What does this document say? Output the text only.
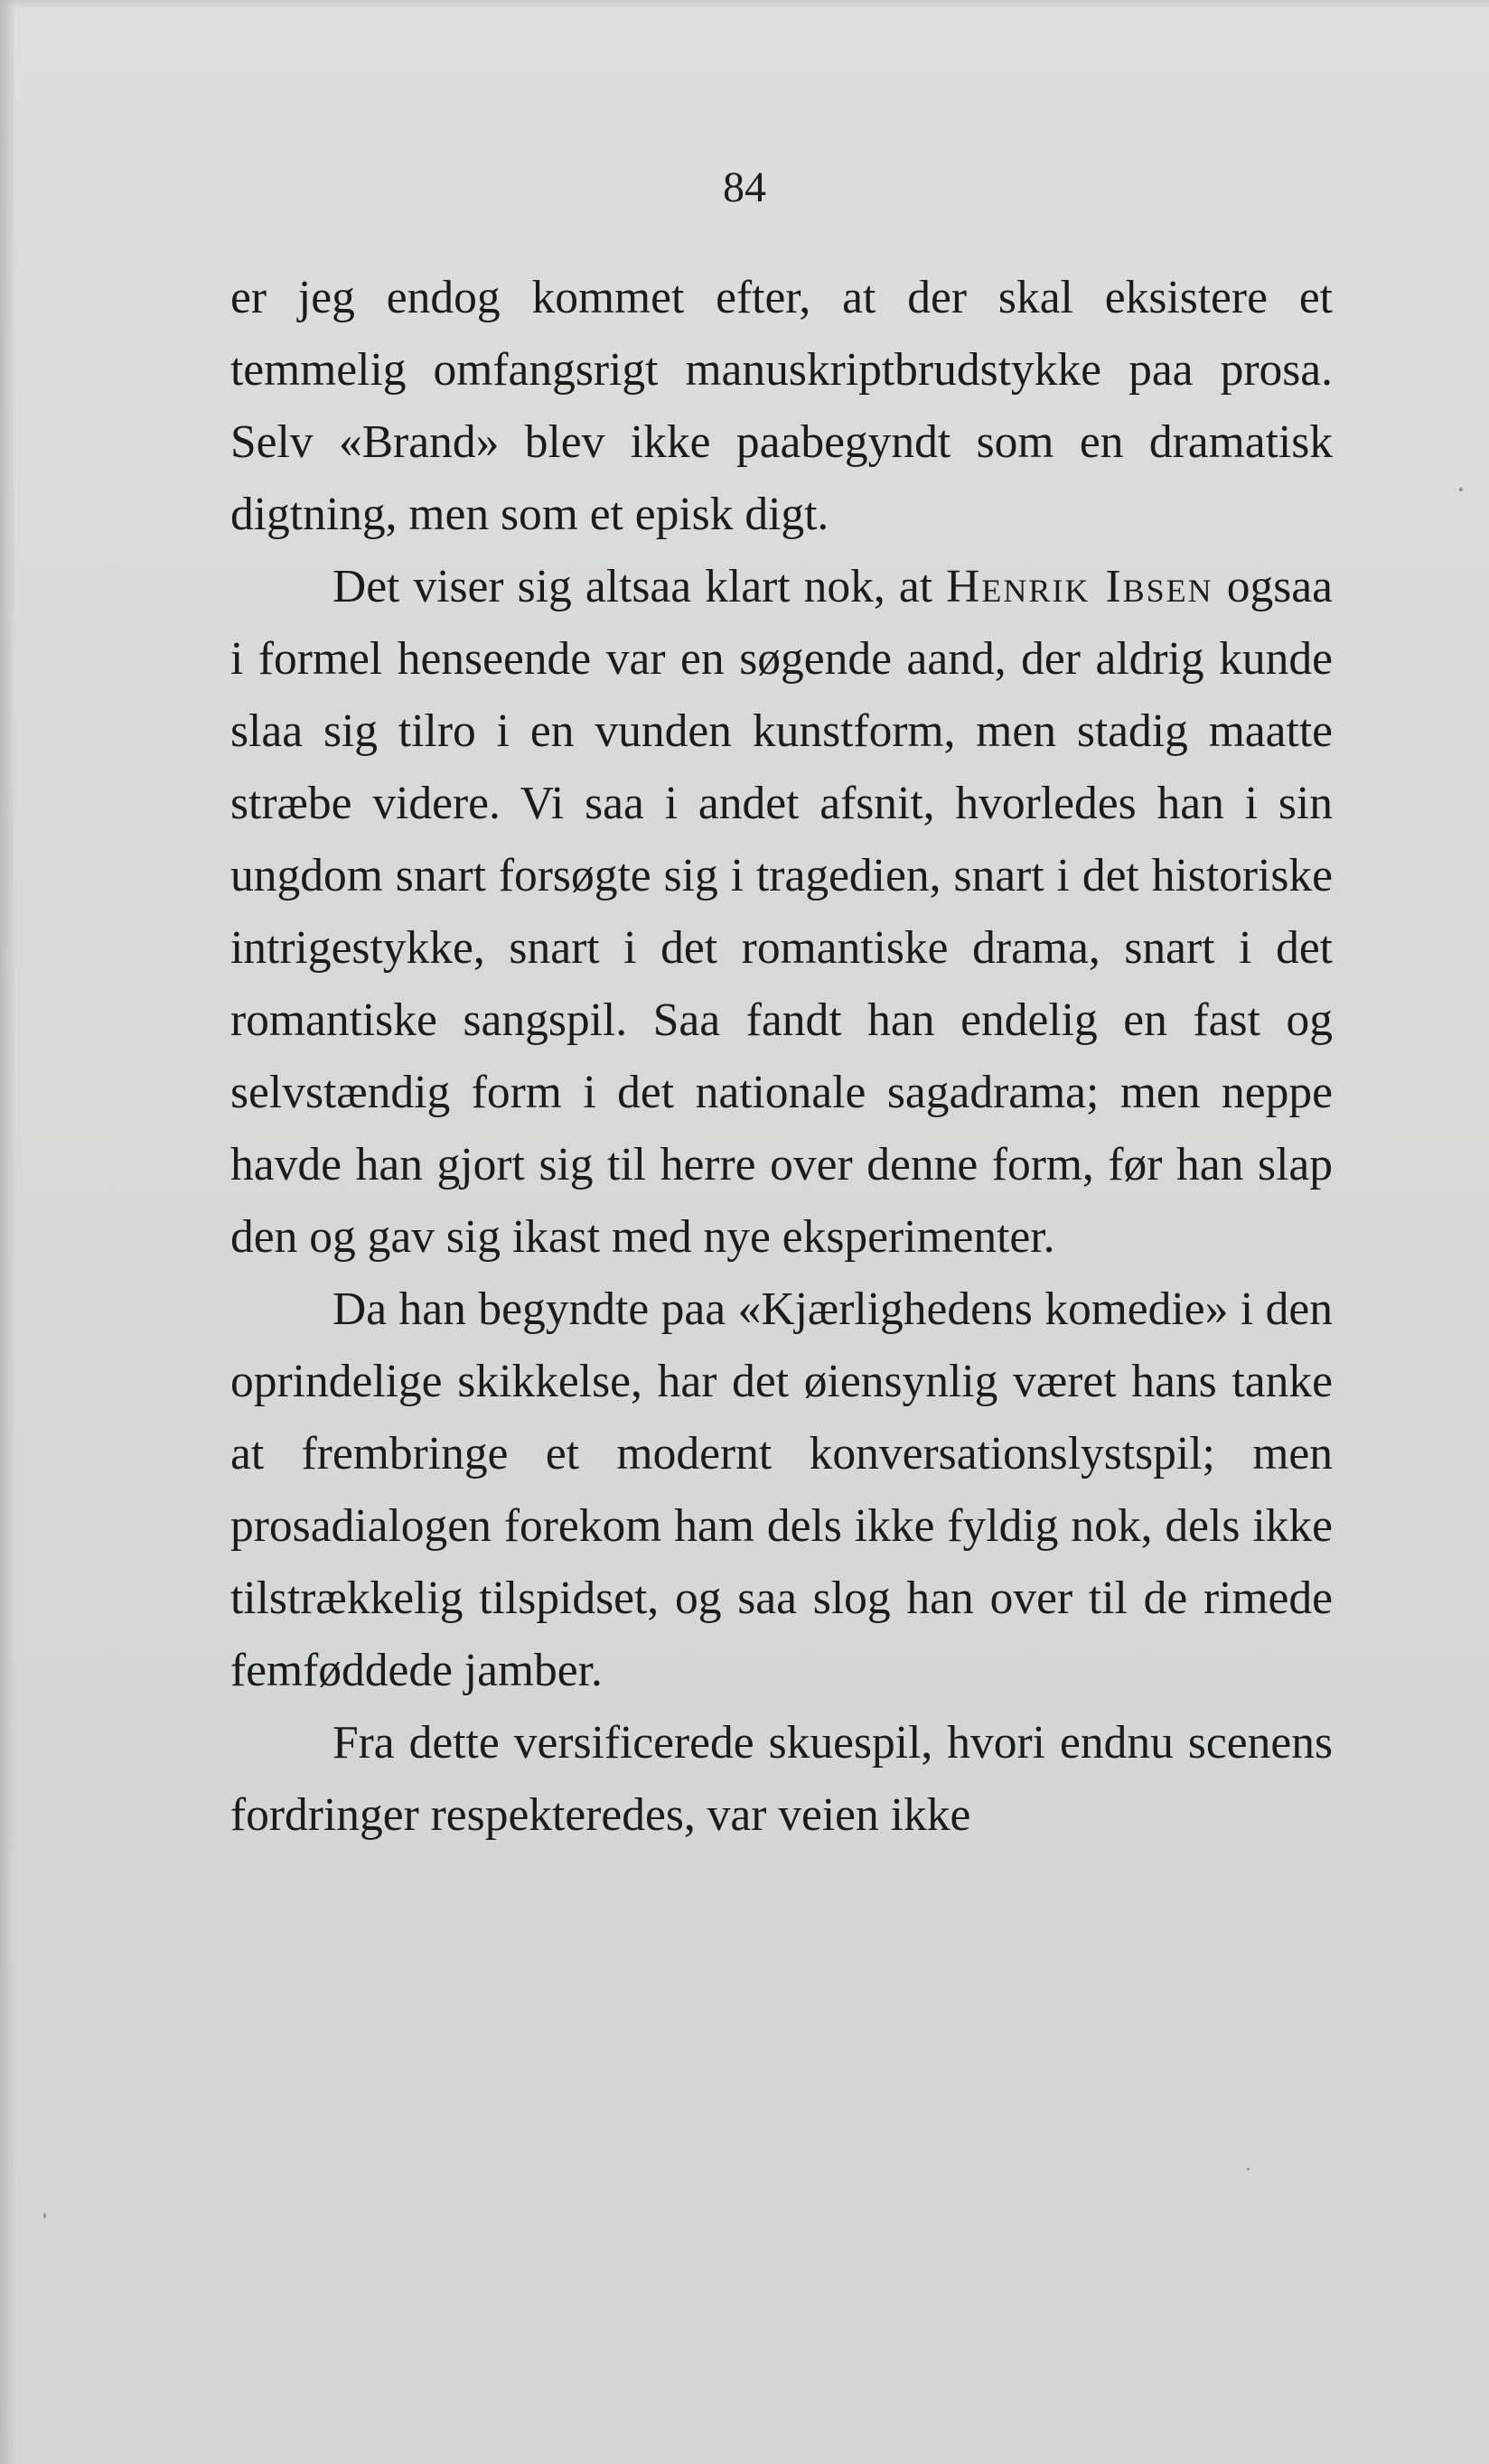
84

er jeg endog kommet efter, at der skal eksistere et temmelig omfangsrigt manuskriptbrudstykke paa prosa. Selv «Brand» blev ikke paabegyndt som en dramatisk digtning, men som et episk digt.

Det viser sig altsaa klart nok, at Henrik Ibsen ogsaa i formel henseende var en søgende aand, der aldrig kunde slaa sig tilro i en vunden kunstform, men stadig maatte stræbe videre. Vi saa i andet afsnit, hvorledes han i sin ungdom snart forsøgte sig i tragedien, snart i det historiske intrigestykke, snart i det romantiske drama, snart i det romantiske sangspil. Saa fandt han endelig en fast og selvstændig form i det nationale sagadrama; men neppe havde han gjort sig til herre over denne form, før han slap den og gav sig ikast med nye eksperimenter.

Da han begyndte paa «Kjærlighedens komedie» i den oprindelige skikkelse, har det øiensynlig været hans tanke at frembringe et modernt konversationslystspil; men prosadialogen forekom ham dels ikke fyldig nok, dels ikke tilstrækkelig tilspidset, og saa slog han over til de rimede femføddede jamber.

Fra dette versificerede skuespil, hvori endnu scenens fordringer respekteredes, var veien ikke
